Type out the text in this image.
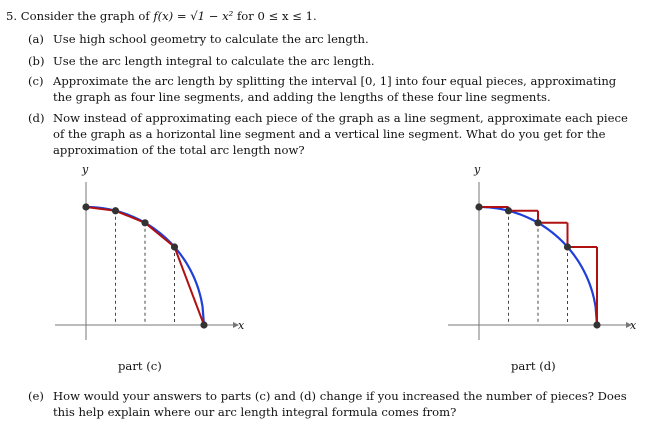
5. Consider the graph of f(x) = √1 − x² for 0 ≤ x ≤ 1.
(a) Use high school geometry to calculate the arc length.
(b) Use the arc length integral to calculate the arc length.
(c) Approximate the arc length by splitting the interval [0, 1] into four equal pieces, approximating
the graph as four line segments, and adding the lengths of these four line segments.
(d) Now instead of approximating each piece of the graph as a line segment, approximate each piece
of the graph as a horizontal line segment and a vertical line segment. What do you get for the
approximation of the total arc length now?
y
x
part (c)
y
x
part (d)
(e) How would your answers to parts (c) and (d) change if you increased the number of pieces? Does
this help explain where our arc length integral formula comes from?
